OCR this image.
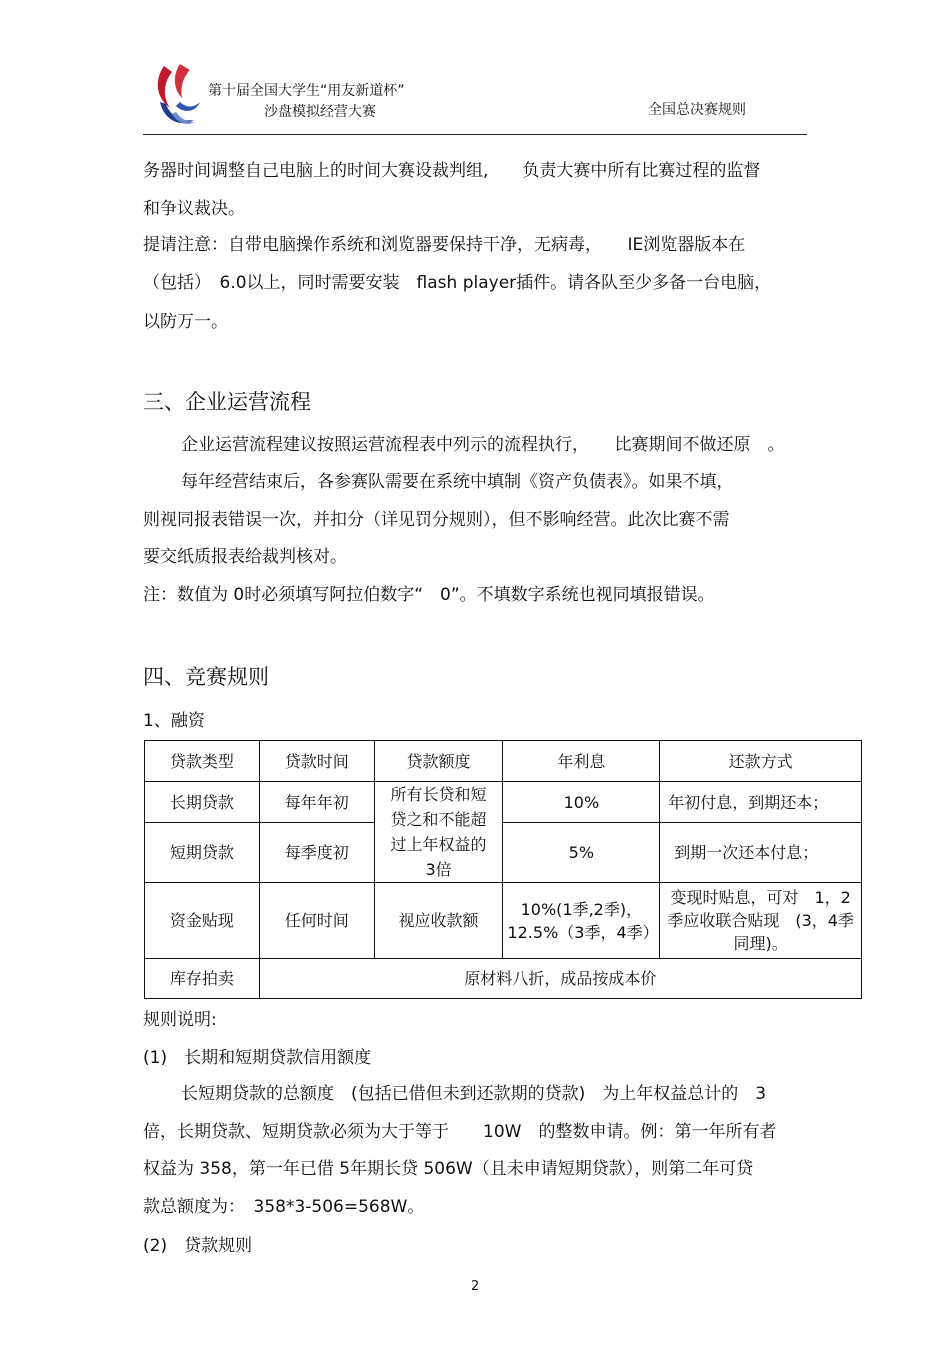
第十届全国大学生“用友新道杯”
沙盘模拟经营大赛	全国总决赛规则
务器时间调整自己电脑上的时间大赛设裁判组,　　负责大赛中所有比赛过程的监督
和争议裁决。
提请注意：自带电脑操作系统和浏览器要保持干净，无病毒，　　IE浏览器版本在
（包括）　6.0以上，同时需要安装　flash player插件。请各队至少多备一台电脑，
以防万一。
三、企业运营流程
企业运营流程建议按照运营流程表中列示的流程执行，　　比赛期间不做还原　。
每年经营结束后，各参赛队需要在系统中填制《资产负债表》。如果不填，
则视同报表错误一次，并扣分（详见罚分规则），但不影响经营。此次比赛不需
要交纸质报表给裁判核对。
注：数值为 0时必须填写阿拉伯数字“　0”。不填数字系统也视同填报错误。
四、竞赛规则
1、融资
贷款类型	贷款时间	贷款额度	年利息	还款方式
长期贷款	每年年初	所有长贷和短贷之和不能超过上年权益的 3倍	10%	年初付息，到期还本；
短期贷款	每季度初		5%	到期一次还本付息；
资金贴现	任何时间	视应收款额	10%(1季,2季)，12.5%（3季，4季）	变现时贴息，可对　1，2季应收联合贴现　(3，4季同理)。
库存拍卖	原材料八折，成品按成本价			
规则说明:
(1)　长期和短期贷款信用额度
长短期贷款的总额度　(包括已借但未到还款期的贷款)　为上年权益总计的　3
倍，长期贷款、短期贷款必须为大于等于　　10W　的整数申请。例：第一年所有者
权益为 358，第一年已借 5年期长贷 506W（且未申请短期贷款），则第二年可贷
款总额度为：　358*3-506=568W。
(2)　贷款规则
2
